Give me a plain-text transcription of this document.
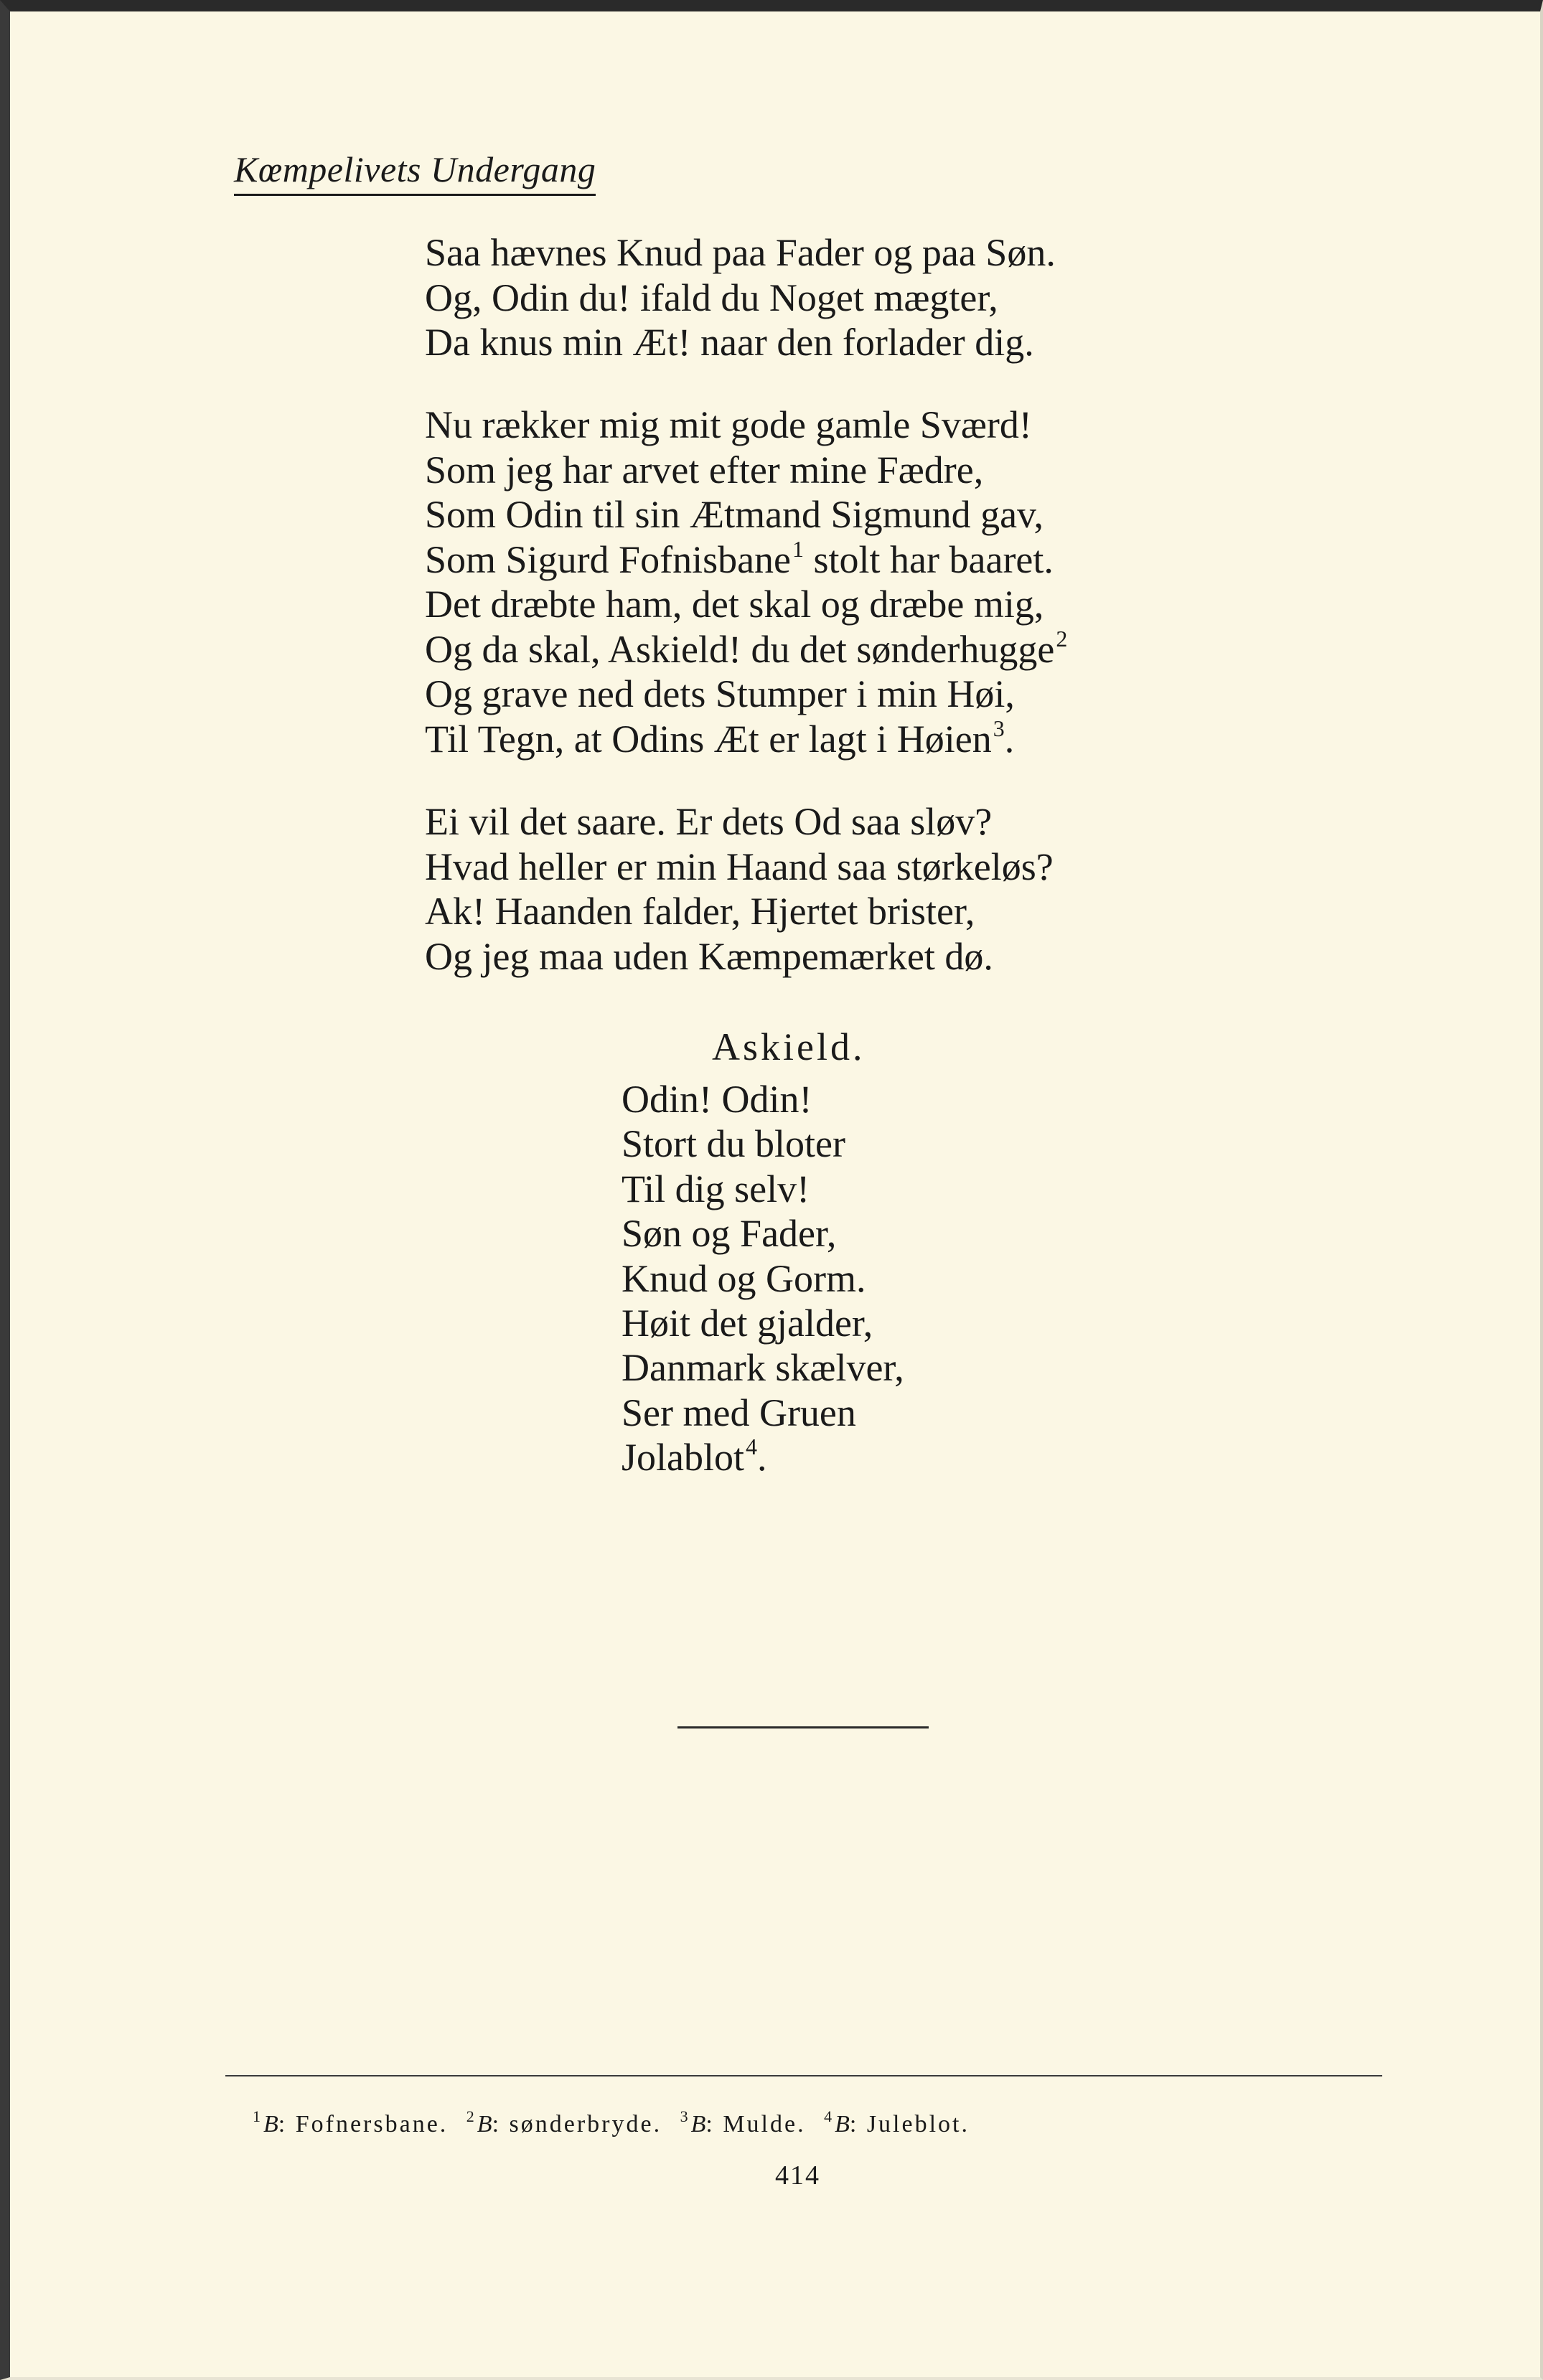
Kœmpelivets Undergang
Saa hævnes Knud paa Fader og paa Søn.
Og, Odin du! ifald du Noget mægter,
Da knus min Æt! naar den forlader dig.
Nu rækker mig mit gode gamle Sværd!
Som jeg har arvet efter mine Fædre,
Som Odin til sin Ætmand Sigmund gav,
Som Sigurd Fofnisbane$^1$ stolt har baaret.
Det dræbte ham, det skal og dræbe mig,
Og da skal, Askield! du det sønderhugge$^2$
Og grave ned dets Stumper i min Høi,
Til Tegn, at Odins Æt er lagt i Høien$^3$.
Ei vil det saare. Er dets Od saa sløv?
Hvad heller er min Haand saa størkeløs?
Ak! Haanden falder, Hjertet brister,
Og jeg maa uden Kæmpemærket dø.
Askield.
Odin! Odin!
Stort du bloter
Til dig selv!
Søn og Fader,
Knud og Gorm.
Høit det gjalder,
Danmark skælver,
Ser med Gruen
Jolablot$^4$.
$^1$ B: Fofnersbane. $^2$ B: sønderbryde. $^3$ B: Mulde. $^4$ B: Juleblot.
414
